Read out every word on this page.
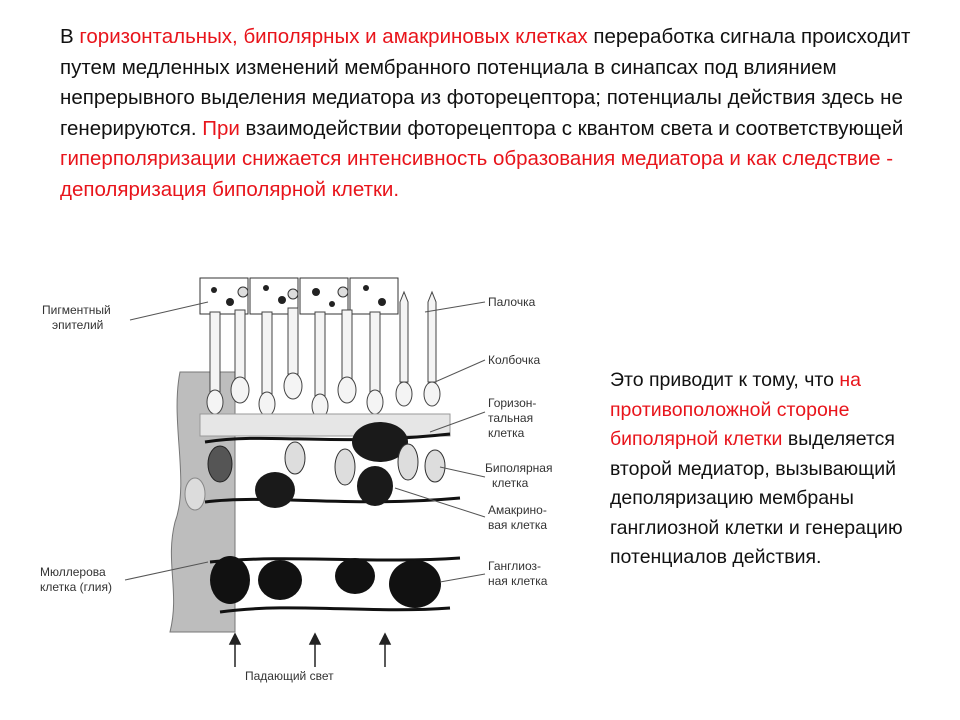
В горизонтальных, биполярных и амакриновых клетках переработка сигнала происходит путем медленных изменений мембранного потенциала в синапсах под влиянием непрерывного выделения медиатора из фоторецептора; потенциалы действия здесь не генерируются. При взаимодействии фоторецептора с квантом света и соответствующей гиперполяризации снижается интенсивность образования медиатора и как следствие - деполяризация биполярной клетки.

Пигментный
эпителий
Палочка
Колбочка
Горизон-
тальная
клетка
Биполярная
клетка
Амакрино-
вая клетка
Ганглиоз-
ная клетка
Мюллерова
клетка (глия)
Падающий свет

Это приводит к тому, что на противоположной стороне биполярной клетки выделяется второй медиатор, вызывающий деполяризацию мембраны ганглиозной клетки и генерацию потенциалов действия.
